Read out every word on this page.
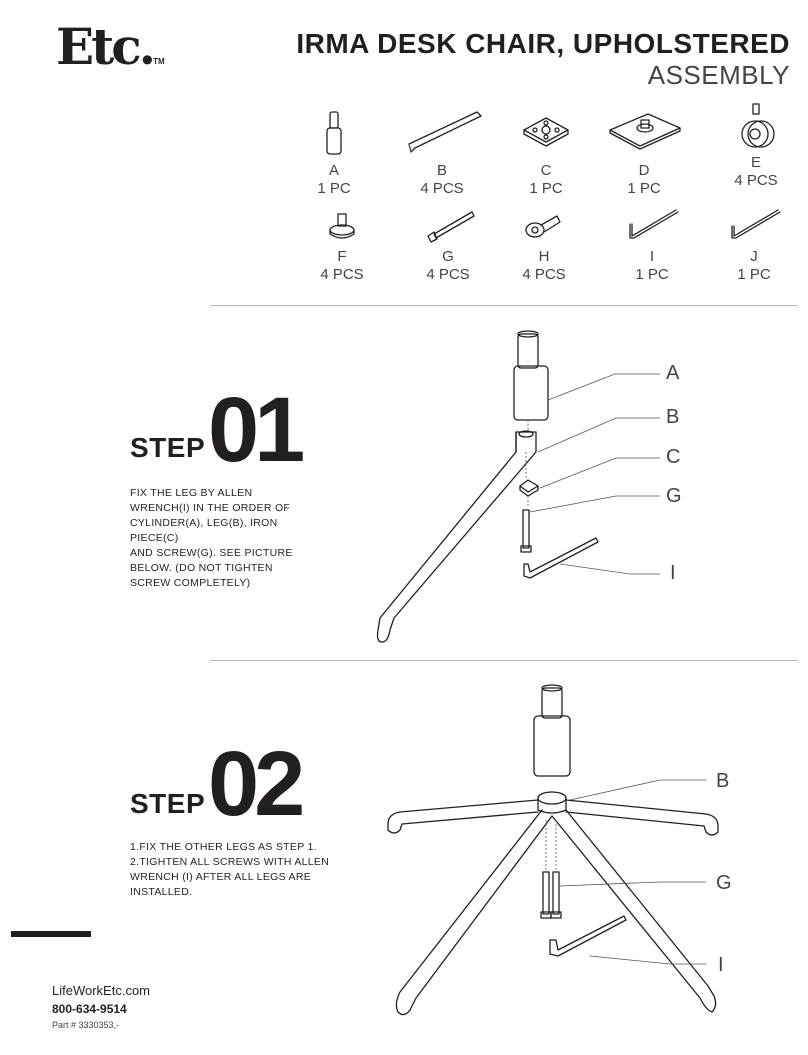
Etc.TM
IRMA DESK CHAIR, UPHOLSTERED
ASSEMBLY
A
1 PC
B
4 PCS
C
1 PC
D
1 PC
E
4 PCS
F
4 PCS
G
4 PCS
H
4 PCS
I
1 PC
J
1 PC
STEP 01
FIX THE LEG BY ALLEN
WRENCH(I) IN THE ORDER OF
CYLINDER(A), LEG(B), IRON
PIECE(C)
AND SCREW(G). SEE PICTURE
BELOW. (DO NOT TIGHTEN
SCREW COMPLETELY)
A
B
C
G
I
STEP 02
1.FIX THE OTHER LEGS AS STEP 1.
2.TIGHTEN ALL SCREWS WITH ALLEN
WRENCH (I) AFTER ALL LEGS ARE
INSTALLED.
B
G
I
LifeWorkEtc.com
800-634-9514
Part # 3330353,-
